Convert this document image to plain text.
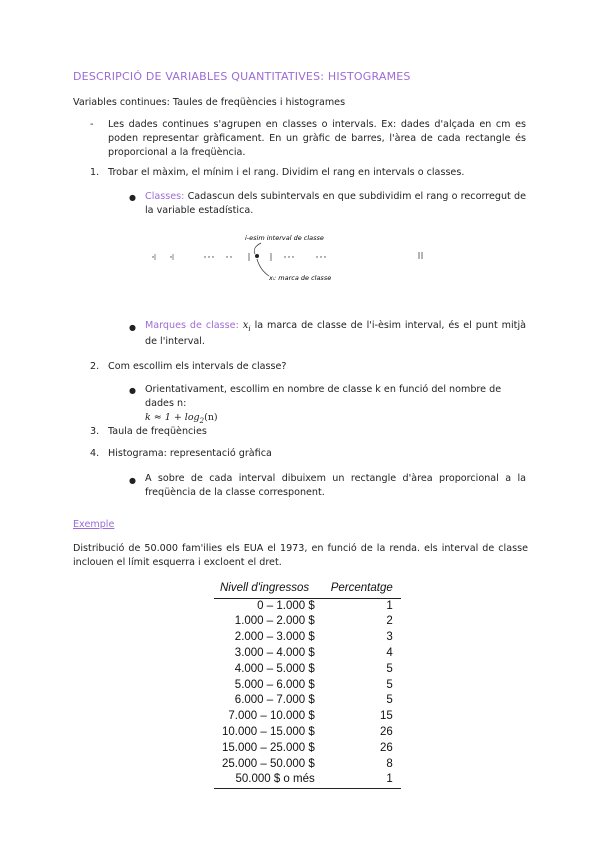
DESCRIPCIÓ DE VARIABLES QUANTITATIVES: HISTOGRAMES
Variables continues: Taules de freqüències i histogrames
- Les dades continues s'agrupen en classes o intervals. Ex: dades d'alçada en cm es poden representar gràficament. En un gràfic de barres, l'àrea de cada rectangle és proporcional a la freqüència.
1. Trobar el màxim, el mínim i el rang. Dividim el rang en intervals o classes.
● Classes: Cadascun dels subintervals en que subdividim el rang o recorregut de la variable estadística.
i-esim interval de classe
xᵢ: marca de classe
● Marques de classe: $x_i$ la marca de classe de l'i-èsim interval, és el punt mitjà de l'interval.
2. Com escollim els intervals de classe?
● Orientativament, escollim en nombre de classe k en funció del nombre de dades n:
$k \approx 1 + \log_2(n)$
3. Taula de freqüències
4. Histograma: representació gràfica
● A sobre de cada interval dibuixem un rectangle d'àrea proporcional a la freqüència de la classe corresponent.
Exemple
Distribució de 50.000 fam'ilies els EUA el 1973, en funció de la renda. els interval de classe inclouen el límit esquerra i excloent el dret.
Nivell d'ingressos	Percentatge
0 – 1.000 $	1
1.000 – 2.000 $	2
2.000 – 3.000 $	3
3.000 – 4.000 $	4
4.000 – 5.000 $	5
5.000 – 6.000 $	5
6.000 – 7.000 $	5
7.000 – 10.000 $	15
10.000 – 15.000 $	26
15.000 – 25.000 $	26
25.000 – 50.000 $	8
50.000 $ o més	1
